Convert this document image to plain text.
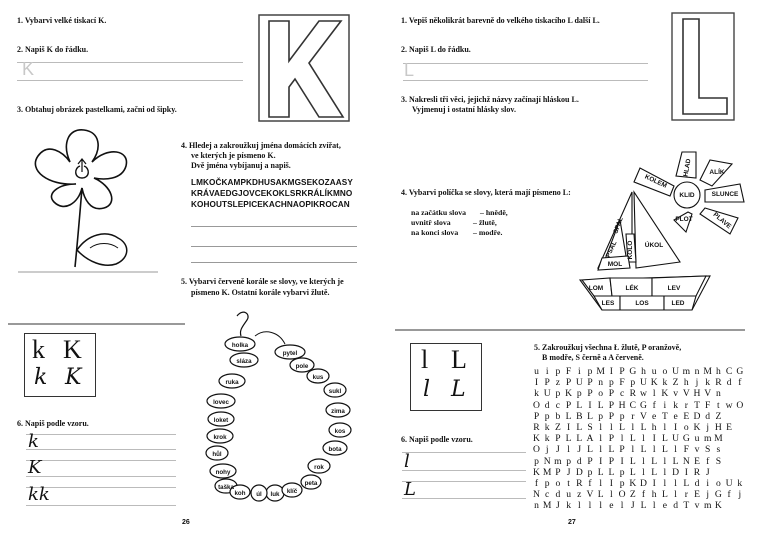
1. Vybarvi velké tiskací K.
2. Napiš K do řádku.
K
3. Obtahuj obrázek pastelkami, začni od šipky.
4. Hledej a zakroužkuj jména domácích zvířat,
ve kterých je písmeno K.
Dvě jména vybíjanuj a napiš.
LMKOČKAMPKDHUSAKMGSEKOZAASY
KRÁVAEDGJOVCEKOKLSRKRÁLÍKMNO
KOHOUTSLEPICEKACHNAOPIKROCAN
5. Vybarvi červeně korále se slovy, ve kterých je
písmeno K. Ostatní korále vybarvi žlutě.
holka
pytel
sláza
pole
ruka
kus
sukl
lovec
zima
loket
krok
kos
hůl
bota
nohy
rok
taška
peta
koh	luk
úl	klíč
k K
k K
6. Napiš podle vzoru.
k
K
kk
26
1. Vepiš několikrát barevně do velkého tiskacího L další L.
2. Napiš L do řádku.
L
3. Nakresli tři věci, jejichž názvy začínají hláskou L.
Vyjmenuj i ostatní hlásky slov.
4. Vybarvi políčka se slovy, která mají písmeno L:
na začátku slova – hnědě,
uvnitř slova	– žlutě,
na konci slova – modře.
KLID
HLAD	ALÍK
SLUNCE
PLAVE
PLOT
KOLEM
SPAL
PSAL KOLO ÚKOL
MOL
LOM	LÉK	LEV
LES	LOS	LED
l L
l L
6. Napiš podle vzoru.
l
L
5. Zakroužkuj všechna Ł žlutě, P oranžově,
B modře, S černě a A červeně.
u i p F i p M I P G h u o U m n M h C G
I P z P U P n p F p U K k Z h j k R d f
k U p K p P o P c R w l K v V H V n
O d c P L I L P H C G f i k r T F t w O
P p b L B L p P p r V e T e E D d Z
R k Z I L S l l L l L h l I o K j H E
K k P L L A l P l L l I L U G u m M
O j J l J L l L P l L l L l F v S s
p N m p d P I P I L l L l L N E f S
K M P J D p L L p L l L l D I R J
f p o t R f l I p K D I l l L d i o U k
N c d u z V L l O Z f h L l r E j G f j
n M J k l l l e l J L l e d T v m K
27
